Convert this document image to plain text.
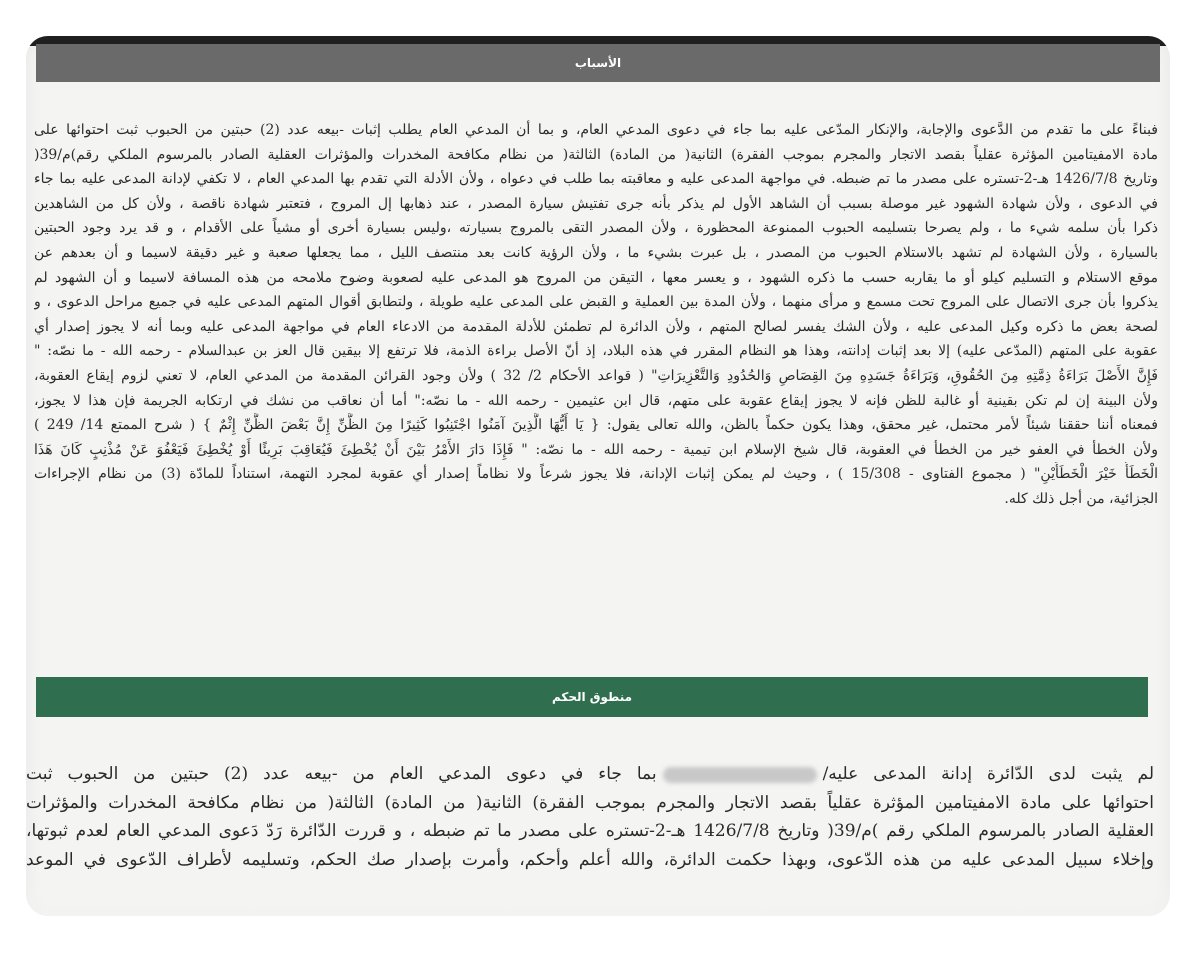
الأسباب
فبناءً على ما تقدم من الدَّعوى والإجابة، والإنكار المدّعى عليه بما جاء في دعوى المدعي العام، و بما أن المدعي العام يطلب إثبات -بيعه عدد (2) حبتين من الحبوب ثبت احتوائها على
مادة الامفيتامين المؤثرة عقلياً بقصد الاتجار والمجرم بموجب الفقرة) الثانية( من المادة) الثالثة( من نظام مكافحة المخدرات والمؤثرات العقلية الصادر بالمرسوم الملكي رقم)م/39(
وتاريخ 1426/7/8 هـ-2-تستره على مصدر ما تم ضبطه. في مواجهة المدعى عليه و معاقبته بما طلب في دعواه ، ولأن الأدلة التي تقدم بها المدعي العام ، لا تكفي لإدانة المدعى عليه بما جاء
في الدعوى ، ولأن شهادة الشهود غير موصلة بسبب أن الشاهد الأول لم يذكر بأنه جرى تفتيش سيارة المصدر ، عند ذهابها إل المروج ، فتعتبر شهادة ناقصة ، ولأن كل من الشاهدين
ذكرا بأن سلمه شيء ما ، ولم يصرحا بتسليمه الحبوب الممنوعة المحظورة ، ولأن المصدر التقى بالمروج بسيارته ،وليس بسيارة أخرى أو مشياً على الأقدام ، و قد يرد وجود الحبتين
بالسيارة ، ولأن الشهادة لم تشهد بالاستلام الحبوب من المصدر ، بل عبرت بشيء ما ، ولأن الرؤية كانت بعد منتصف الليل ، مما يجعلها صعبة و غير دقيقة لاسيما و أن بعدهم عن
موقع الاستلام و التسليم كيلو أو ما يقاربه حسب ما ذكره الشهود ، و يعسر معها ، التيقن من المروج هو المدعى عليه لصعوبة وضوح ملامحه من هذه المسافة لاسيما و أن الشهود لم
يذكروا بأن جرى الاتصال على المروج تحت مسمع و مرأى منهما ، ولأن المدة بين العملية و القبض على المدعى عليه طويلة ، ولتطابق أقوال المتهم المدعى عليه في جميع مراحل الدعوى ، و
لصحة بعض ما ذكره وكيل المدعى عليه ، ولأن الشك يفسر لصالح المتهم ، ولأن الدائرة لم تطمئن للأدلة المقدمة من الادعاء العام في مواجهة المدعى عليه وبما أنه لا يجوز إصدار أي
عقوبة على المتهم (المدّعى عليه) إلا بعد إثبات إدانته، وهذا هو النظام المقرر في هذه البلاد، إذ أنّ الأصل براءة الذمة، فلا ترتفع إلا بيقين قال العز بن عبدالسلام - رحمه الله - ما نصّه: "
فَإِنَّ الأَصْلَ بَرَاءَةُ ذِمَّتِهِ مِنَ الحُقُوقِ، وَبَرَاءَةُ جَسَدِهِ مِنَ القِصَاصِ وَالحُدُودِ وَالتَّعْزِيرَاتِ" ( قواعد الأحكام 2/ 32 ) ولأن وجود القرائن المقدمة من المدعي العام، لا تعني لزوم إيقاع العقوبة،
ولأن البينة إن لم تكن بقينية أو غالبة للظن فإنه لا يجوز إيقاع عقوبة على متهم، قال ابن عثيمين - رحمه الله - ما نصّه:" أما أن نعاقب من نشك في ارتكابه الجريمة فإن هذا لا يجوز،
فمعناه أننا حققنا شيئاً لأمر محتمل، غير محقق، وهذا يكون حكماً بالظن، والله تعالى يقول: { يَا أَيُّهَا الَّذِينَ آمَنُوا اجْتَنِبُوا كَثِيرًا مِنَ الظَّنِّ إِنَّ بَعْضَ الظَّنِّ إِثْمٌ } ( شرح الممتع 14/ 249 )
ولأن الخطأ في العفو خير من الخطأ في العقوبة، قال شيخ الإسلام ابن تيمية - رحمه الله - ما نصّه: " فَإِذَا دَارَ الأَمْرُ بَيْنَ أَنْ يُخْطِئَ فَيُعَاقِبَ بَرِيئًا أَوْ يُخْطِئَ فَيَعْفُوَ عَنْ مُذْنِبٍ كَانَ هَذَا
الْخَطَأُ خَيْرَ الْخَطَأَيْنِ" ( مجموع الفتاوى - 15/308 ) ، وحيث لم يمكن إثبات الإدانة، فلا يجوز شرعاً ولا نظاماً إصدار أي عقوبة لمجرد التهمة، استناداً للمادّة (3) من نظام الإجراءات
الجزائية، من أجل ذلك كله.
منطوق الحكم
لم يثبت لدى الدّائرة إدانة المدعى عليه/بما جاء في دعوى المدعي العام من -بيعه عدد (2) حبتين من الحبوب ثبت
احتوائها على مادة الامفيتامين المؤثرة عقلياً بقصد الاتجار والمجرم بموجب الفقرة) الثانية( من المادة) الثالثة( من نظام مكافحة المخدرات والمؤثرات
العقلية الصادر بالمرسوم الملكي رقم )م/39( وتاريخ 1426/7/8 هـ-2-تستره على مصدر ما تم ضبطه ، و قررت الدّائرة رَدّ دَعوى المدعي العام لعدم ثبوتها،
وإخلاء سبيل المدعى عليه من هذه الدّعوى، وبهذا حكمت الدائرة، والله أعلم وأحكم، وأمرت بإصدار صك الحكم، وتسليمه لأطراف الدّعوى في الموعد
